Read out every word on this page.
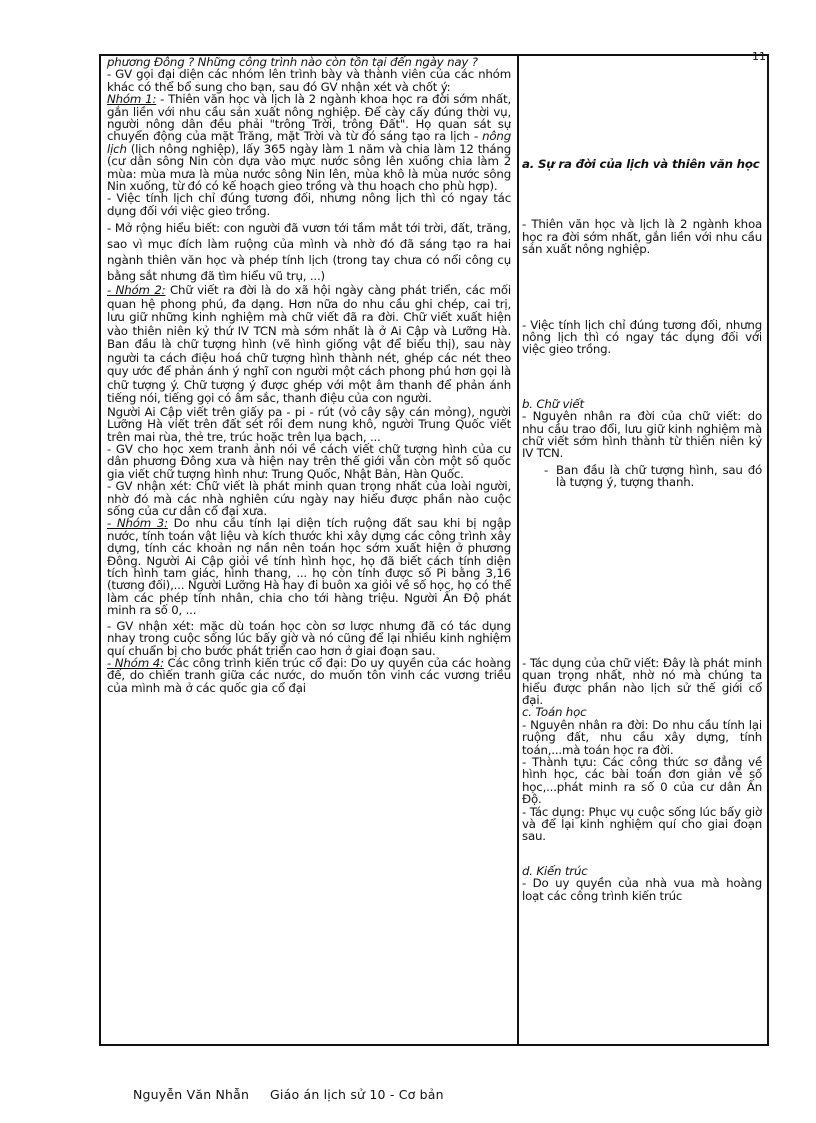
11

phương Đông ? Những công trình nào còn tồn tại đến ngày nay ?

- GV gọi đại diện các nhóm lên trình bày và thành viên của các nhóm khác có thể bổ sung cho bạn, sau đó GV nhận xét và chốt ý:

Nhóm 1: - Thiên văn học và lịch là 2 ngành khoa học ra đời sớm nhất, gắn liền với nhu cầu sản xuất nông nghiệp. Để cày cấy đúng thời vụ, người nông dân đều phải "trông Trời, trông Đất". Họ quan sát sự chuyển động của mặt Trăng, mặt Trời và từ đó sáng tạo ra lịch - nông lịch (lịch nông nghiệp), lấy 365 ngày làm 1 năm và chia làm 12 tháng (cư dân sông Nin còn dựa vào mực nước sông lên xuống chia làm 2 mùa: mùa mưa là mùa nước sông Nin lên, mùa khô là mùa nước sông Nin xuống, từ đó có kế hoạch gieo trồng và thu hoạch cho phù hợp).

- Việc tính lịch chỉ đúng tương đối, nhưng nông lịch thì có ngay tác dụng đối với việc gieo trồng.

- Mở rộng hiểu biết: con người đã vươn tới tầm mắt tới trời, đất, trăng, sao vì mục đích làm ruộng của mình và nhờ đó đã sáng tạo ra hai ngành thiên văn học và phép tính lịch (trong tay chưa có nổi công cụ bằng sắt nhưng đã tìm hiểu vũ trụ, ...)

- Nhóm 2: Chữ viết ra đời là do xã hội ngày càng phát triển, các mối quan hệ phong phú, đa dạng. Hơn nữa do nhu cầu ghi chép, cai trị, lưu giữ những kinh nghiệm mà chữ viết đã ra đời. Chữ viết xuất hiện vào thiên niên kỷ thứ IV TCN mà sớm nhất là ở Ai Cập và Lưỡng Hà. Ban đầu là chữ tượng hình (vẽ hình giống vật để biểu thị), sau này người ta cách điệu hoá chữ tượng hình thành nét, ghép các nét theo quy ước để phản ánh ý nghĩ con người một cách phong phú hơn gọi là chữ tượng ý. Chữ tượng ý được ghép với một âm thanh để phản ánh tiếng nói, tiếng gọi có âm sắc, thanh điệu của con người.

Người Ai Cập viết trên giấy pa - pi - rút (vỏ cây sậy cán mỏng), người Lưỡng Hà viết trên đất sét rồi đem nung khô, người Trung Quốc viết trên mai rùa, thẻ tre, trúc hoặc trên lụa bạch, ...

- GV cho học xem tranh ảnh nói về cách viết chữ tượng hình của cư dân phương Đông xưa và hiện nay trên thế giới vẫn còn một số quốc gia viết chữ tượng hình như: Trung Quốc, Nhật Bản, Hàn Quốc.

- GV nhận xét: Chữ viết là phát minh quan trọng nhất của loài người, nhờ đó mà các nhà nghiên cứu ngày nay hiểu được phần nào cuộc sống của cư dân cổ đại xưa.

- Nhóm 3: Do nhu cầu tính lại diện tích ruộng đất sau khi bị ngập nước, tính toán vật liệu và kích thước khi xây dựng các công trình xây dựng, tính các khoản nợ nần nên toán học sớm xuất hiện ở phương Đông. Người Ai Cập giỏi về tính hình học, họ đã biết cách tính diện tích hình tam giác, hình thang, ... họ còn tính được số Pi bằng 3,16 (tương đối),... Người Lưỡng Hà hay đi buôn xa giỏi về số học, họ có thể làm các phép tính nhân, chia cho tới hàng triệu. Người Ấn Độ phát minh ra số 0, ...

- GV nhận xét: mặc dù toán học còn sơ lược nhưng đã có tác dụng nhay trong cuộc sống lúc bấy giờ và nó cũng để lại nhiều kinh nghiệm quí chuẩn bị cho bước phát triển cao hơn ở giai đoạn sau.

- Nhóm 4: Các công trình kiến trúc cổ đại: Do uy quyền của các hoàng đế, do chiến tranh giữa các nước, do muốn tôn vinh các vương triều của mình mà ở các quốc gia cổ đại

a. Sự ra đời của lịch và thiên văn học

- Thiên văn học và lịch là 2 ngành khoa học ra đời sớm nhất, gắn liền với nhu cầu sản xuất nông nghiệp.

- Việc tính lịch chỉ đúng tương đối, nhưng nông lịch thì có ngay tác dụng đối với việc gieo trồng.

b. Chữ viết

- Nguyên nhân ra đời của chữ viết: do nhu cầu trao đổi, lưu giữ kinh nghiệm mà chữ viết sớm hình thành từ thiên niên kỷ IV TCN.

- Ban đầu là chữ tượng hình, sau đó là tượng ý, tượng thanh.

- Tác dụng của chữ viết: Đây là phát minh quan trọng nhất, nhờ nó mà chúng ta hiểu được phần nào lịch sử thế giới cổ đại.

c. Toán học

- Nguyên nhân ra đời: Do nhu cầu tính lại ruộng đất, nhu cầu xây dựng, tính toán,...mà toán học ra đời.

- Thành tựu: Các công thức sơ đẳng về hình học, các bài toán đơn giản về số học,...phát minh ra số 0 của cư dân Ấn Độ.

- Tác dụng: Phục vụ cuộc sống lúc bấy giờ và để lại kinh nghiệm quí cho giai đoạn sau.

d. Kiến trúc

- Do uy quyền của nhà vua mà hoàng loạt các công trình kiến trúc

Nguyễn Văn Nhẫn     Giáo án lịch sử 10 - Cơ bản
